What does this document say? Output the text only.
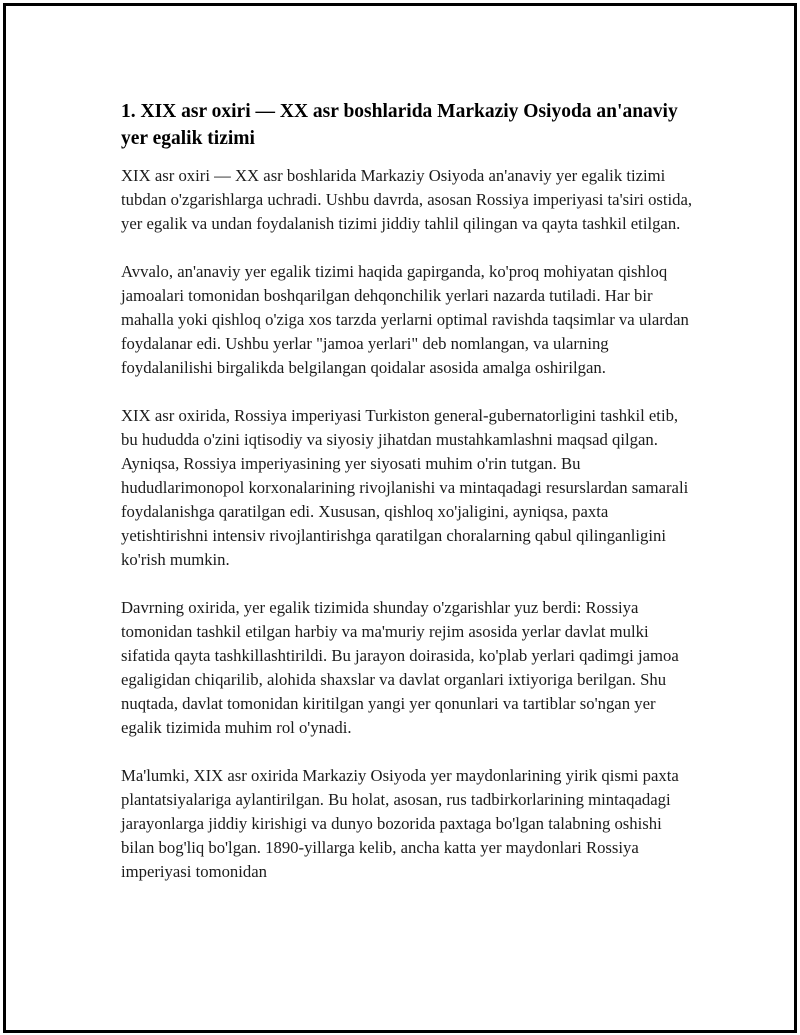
1. XIX asr oxiri — XX asr boshlarida Markaziy Osiyoda an'anaviy yer egalik tizimi

XIX asr oxiri — XX asr boshlarida Markaziy Osiyoda an'anaviy yer egalik tizimi tubdan o'zgarishlarga uchradi. Ushbu davrda, asosan Rossiya imperiyasi ta'siri ostida, yer egalik va undan foydalanish tizimi jiddiy tahlil qilingan va qayta tashkil etilgan.

Avvalo, an'anaviy yer egalik tizimi haqida gapirganda, ko'proq mohiyatan qishloq jamoalari tomonidan boshqarilgan dehqonchilik yerlari nazarda tutiladi. Har bir mahalla yoki qishloq o'ziga xos tarzda yerlarni optimal ravishda taqsimlar va ulardan foydalanar edi. Ushbu yerlar "jamoa yerlari" deb nomlangan, va ularning foydalanilishi birgalikda belgilangan qoidalar asosida amalga oshirilgan.

XIX asr oxirida, Rossiya imperiyasi Turkiston general-gubernatorligini tashkil etib, bu hududda o'zini iqtisodiy va siyosiy jihatdan mustahkamlashni maqsad qilgan. Ayniqsa, Rossiya imperiyasining yer siyosati muhim o'rin tutgan. Bu hududlarimonopol korxonalarining rivojlanishi va mintaqadagi resurslardan samarali foydalanishga qaratilgan edi. Xususan, qishloq xo'jaligini, ayniqsa, paxta yetishtirishni intensiv rivojlantirishga qaratilgan choralarning qabul qilinganligini ko'rish mumkin.

Davrning oxirida, yer egalik tizimida shunday o'zgarishlar yuz berdi: Rossiya tomonidan tashkil etilgan harbiy va ma'muriy rejim asosida yerlar davlat mulki sifatida qayta tashkillashtirildi. Bu jarayon doirasida, ko'plab yerlari qadimgi jamoa egaligidan chiqarilib, alohida shaxslar va davlat organlari ixtiyoriga berilgan. Shu nuqtada, davlat tomonidan kiritilgan yangi yer qonunlari va tartiblar so'ngan yer egalik tizimida muhim rol o'ynadi.

Ma'lumki, XIX asr oxirida Markaziy Osiyoda yer maydonlarining yirik qismi paxta plantatsiyalariga aylantirilgan. Bu holat, asosan, rus tadbirkorlarining mintaqadagi jarayonlarga jiddiy kirishigi va dunyo bozorida paxtaga bo'lgan talabning oshishi bilan bog'liq bo'lgan. 1890-yillarga kelib, ancha katta yer maydonlari Rossiya imperiyasi tomonidan
